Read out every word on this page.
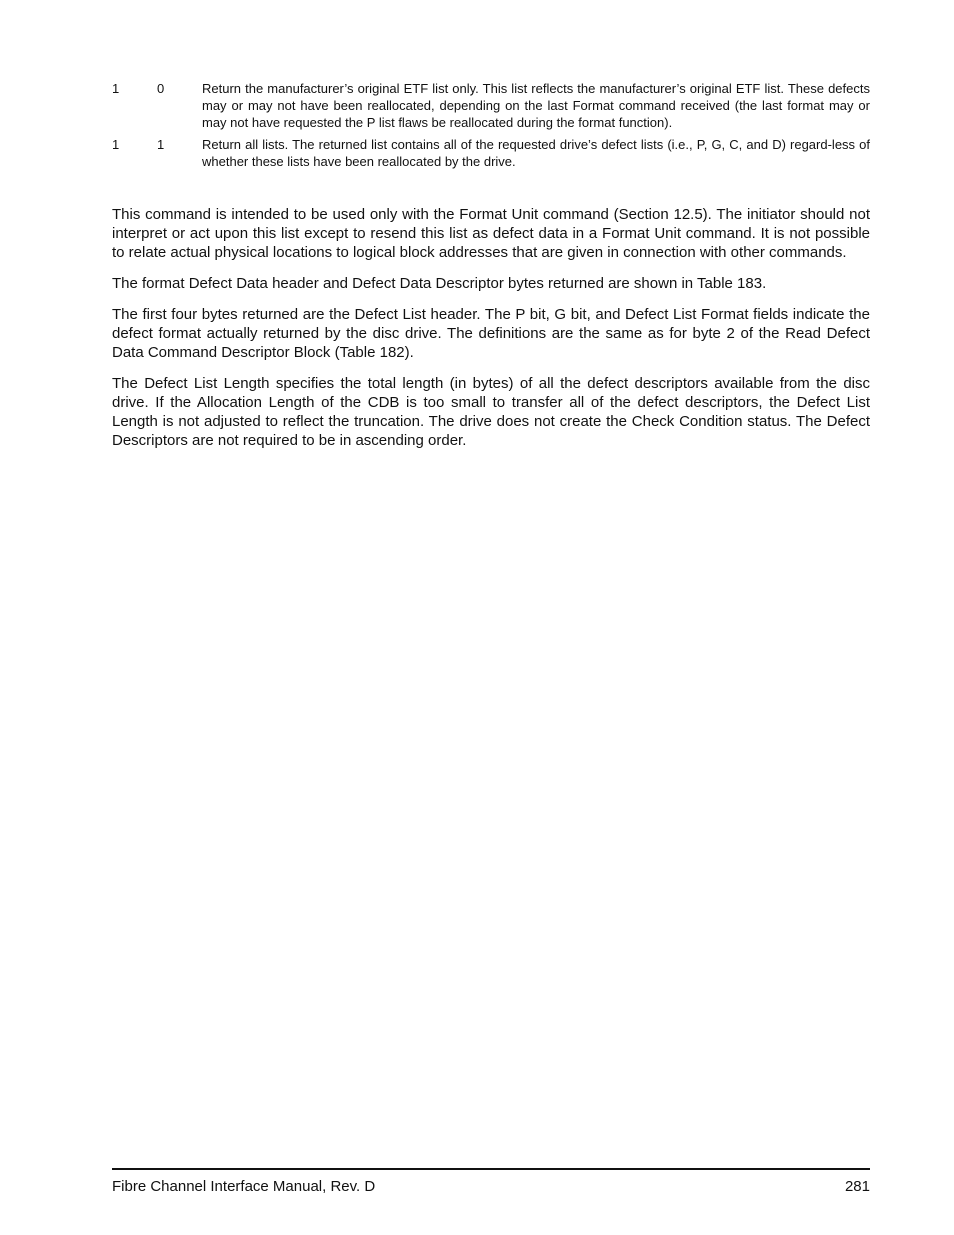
1	0	Return the manufacturer’s original ETF list only. This list reflects the manufacturer’s original ETF list. These defects may or may not have been reallocated, depending on the last Format command received (the last format may or may not have requested the P list flaws be reallocated during the format function).
1	1	Return all lists. The returned list contains all of the requested drive’s defect lists (i.e., P, G, C, and D) regard-less of whether these lists have been reallocated by the drive.

This command is intended to be used only with the Format Unit command (Section 12.5). The initiator should not interpret or act upon this list except to resend this list as defect data in a Format Unit command. It is not possible to relate actual physical locations to logical block addresses that are given in connection with other commands.

The format Defect Data header and Defect Data Descriptor bytes returned are shown in Table 183.

The first four bytes returned are the Defect List header. The P bit, G bit, and Defect List Format fields indicate the defect format actually returned by the disc drive. The definitions are the same as for byte 2 of the Read Defect Data Command Descriptor Block (Table 182).

The Defect List Length specifies the total length (in bytes) of all the defect descriptors available from the disc drive. If the Allocation Length of the CDB is too small to transfer all of the defect descriptors, the Defect List Length is not adjusted to reflect the truncation. The drive does not create the Check Condition status. The Defect Descriptors are not required to be in ascending order.

Fibre Channel Interface Manual, Rev. D	281
